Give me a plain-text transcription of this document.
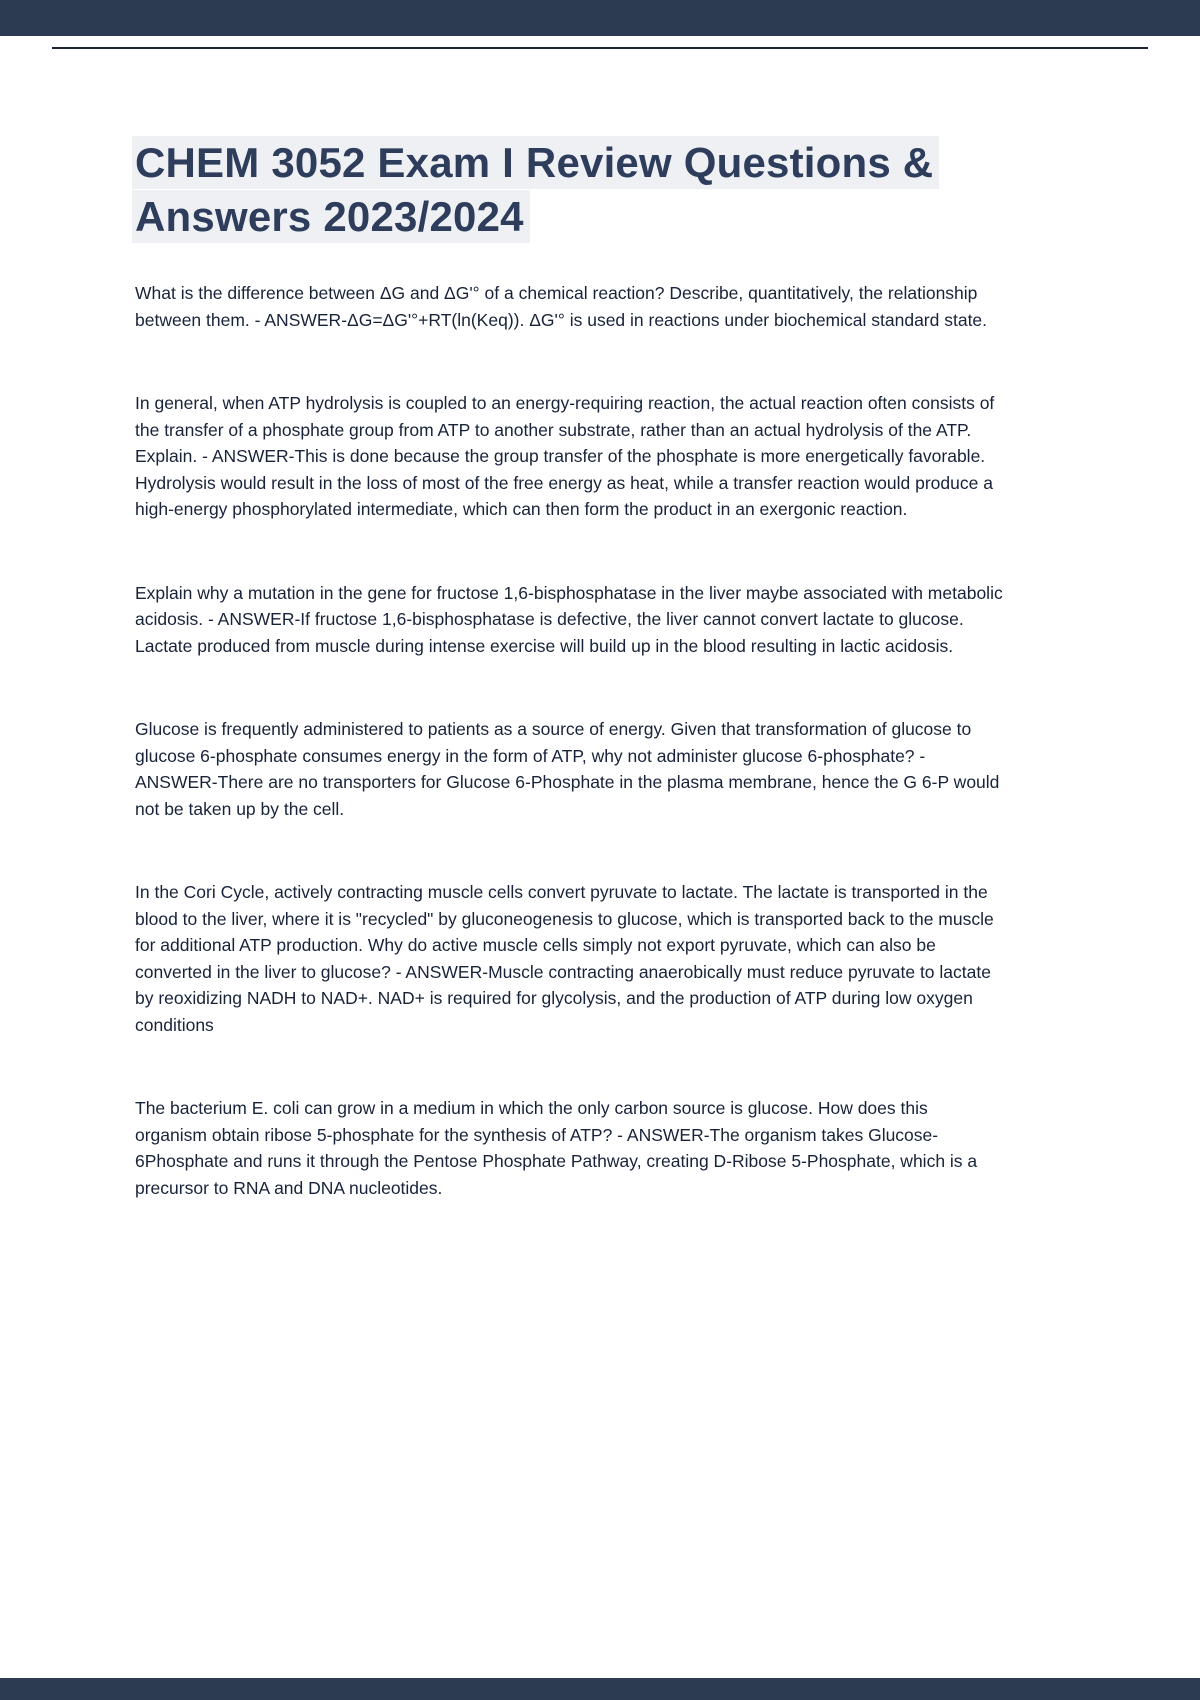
CHEM 3052 Exam I Review Questions & Answers 2023/2024

What is the difference between ΔG and ΔG'° of a chemical reaction? Describe, quantitatively, the relationship between them. - ANSWER-ΔG=ΔG'°+RT(ln(Keq)). ΔG'° is used in reactions under biochemical standard state.

In general, when ATP hydrolysis is coupled to an energy-requiring reaction, the actual reaction often consists of the transfer of a phosphate group from ATP to another substrate, rather than an actual hydrolysis of the ATP. Explain. - ANSWER-This is done because the group transfer of the phosphate is more energetically favorable. Hydrolysis would result in the loss of most of the free energy as heat, while a transfer reaction would produce a high-energy phosphorylated intermediate, which can then form the product in an exergonic reaction.

Explain why a mutation in the gene for fructose 1,6-bisphosphatase in the liver maybe associated with metabolic acidosis. - ANSWER-If fructose 1,6-bisphosphatase is defective, the liver cannot convert lactate to glucose. Lactate produced from muscle during intense exercise will build up in the blood resulting in lactic acidosis.

Glucose is frequently administered to patients as a source of energy. Given that transformation of glucose to glucose 6-phosphate consumes energy in the form of ATP, why not administer glucose 6-phosphate? - ANSWER-There are no transporters for Glucose 6-Phosphate in the plasma membrane, hence the G 6-P would not be taken up by the cell.

In the Cori Cycle, actively contracting muscle cells convert pyruvate to lactate. The lactate is transported in the blood to the liver, where it is "recycled" by gluconeogenesis to glucose, which is transported back to the muscle for additional ATP production. Why do active muscle cells simply not export pyruvate, which can also be converted in the liver to glucose? - ANSWER-Muscle contracting anaerobically must reduce pyruvate to lactate by reoxidizing NADH to NAD+. NAD+ is required for glycolysis, and the production of ATP during low oxygen conditions

The bacterium E. coli can grow in a medium in which the only carbon source is glucose. How does this organism obtain ribose 5-phosphate for the synthesis of ATP? - ANSWER-The organism takes Glucose-6Phosphate and runs it through the Pentose Phosphate Pathway, creating D-Ribose 5-Phosphate, which is a precursor to RNA and DNA nucleotides.
